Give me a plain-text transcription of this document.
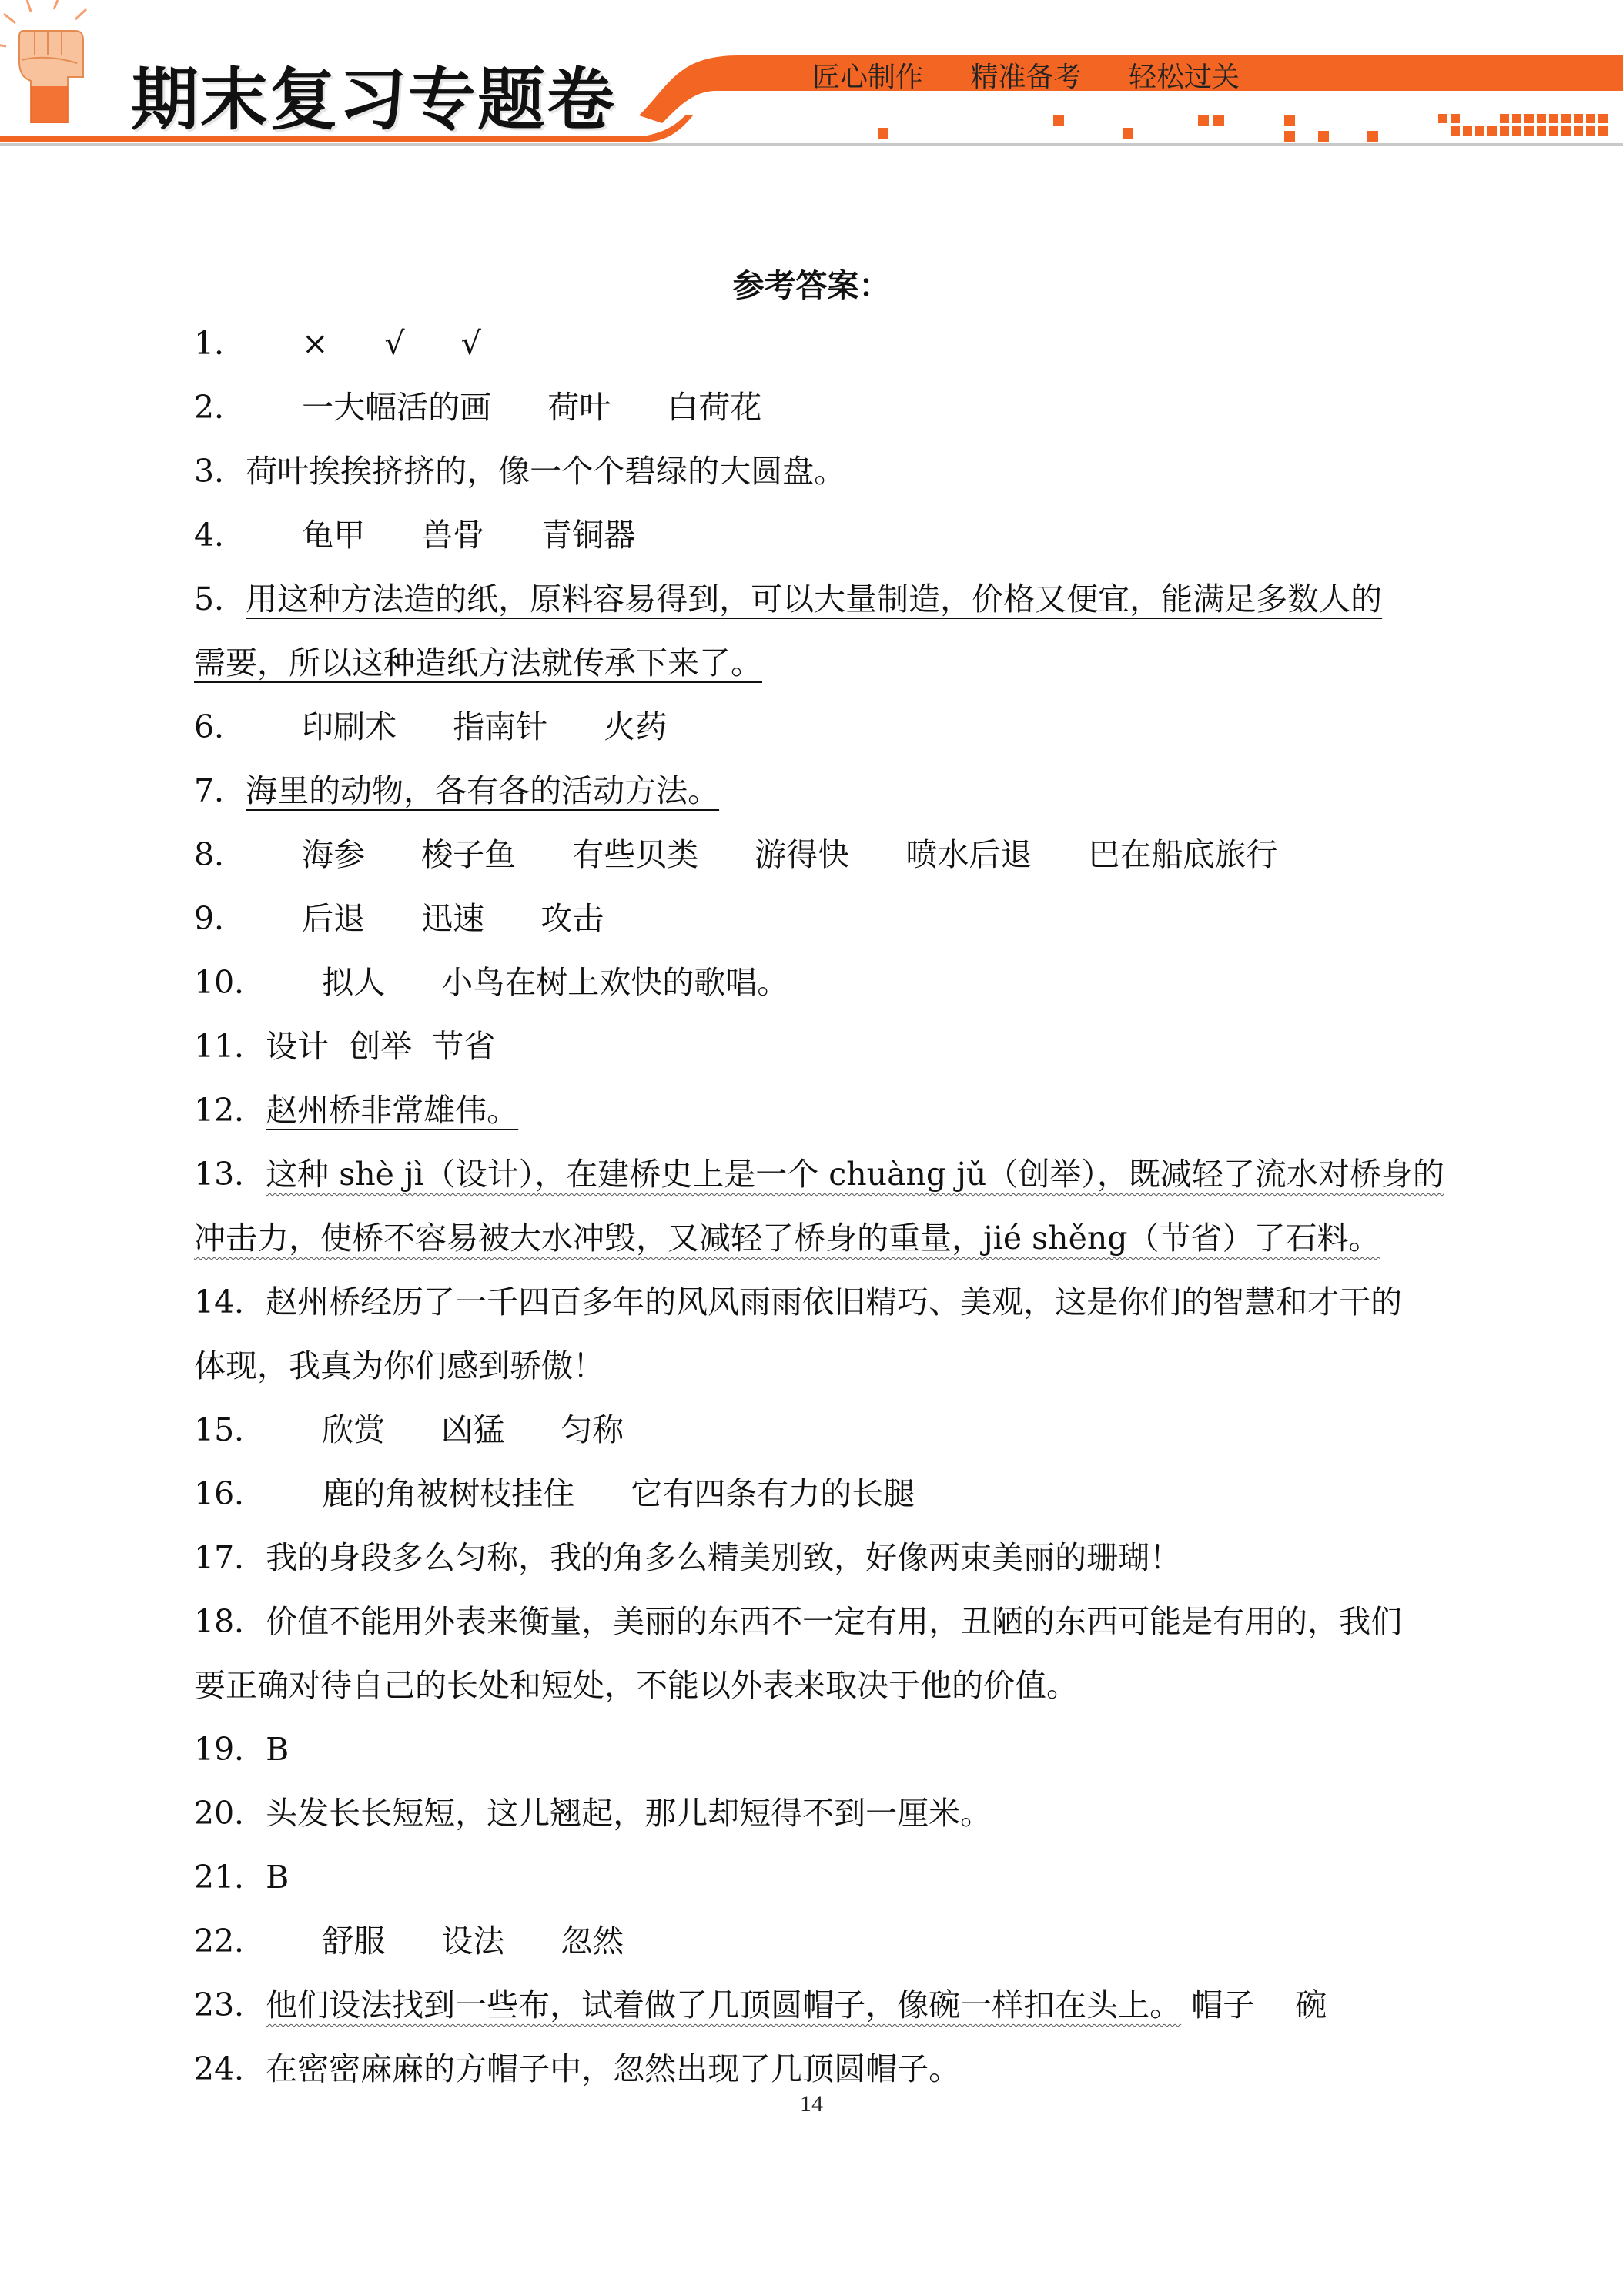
期末复习专题卷	匠心制作 精准备考 轻松过关
参考答案：
1． × √ √
2． 一大幅活的画 荷叶 白荷花
3．荷叶挨挨挤挤的，像一个个碧绿的大圆盘。
4． 龟甲 兽骨 青铜器
5．用这种方法造的纸，原料容易得到，可以大量制造，价格又便宜，能满足多数人的
需要，所以这种造纸方法就传承下来了。
6． 印刷术 指南针 火药
7．海里的动物，各有各的活动方法。
8． 海参 梭子鱼 有些贝类 游得快 喷水后退 巴在船底旅行
9． 后退 迅速 攻击
10． 拟人 小鸟在树上欢快的歌唱。
11．设计  创举  节省
12．赵州桥非常雄伟。
13．这种 shè jì（设计），在建桥史上是一个 chuàng jǔ（创举），既减轻了流水对桥身的
冲击力，使桥不容易被大水冲毁，又减轻了桥身的重量，jié shěng（节省）了石料。
14．赵州桥经历了一千四百多年的风风雨雨依旧精巧、美观，这是你们的智慧和才干的
体现，我真为你们感到骄傲！
15． 欣赏 凶猛 匀称
16． 鹿的角被树枝挂住 它有四条有力的长腿
17．我的身段多么匀称，我的角多么精美别致，好像两束美丽的珊瑚！
18．价值不能用外表来衡量，美丽的东西不一定有用，丑陋的东西可能是有用的，我们
要正确对待自己的长处和短处，不能以外表来取决于他的价值。
19．B
20．头发长长短短，这儿翘起，那儿却短得不到一厘米。
21．B
22． 舒服 设法 忽然
23．他们设法找到一些布，试着做了几顶圆帽子，像碗一样扣在头上。 帽子 碗
24．在密密麻麻的方帽子中，忽然出现了几顶圆帽子。
14
